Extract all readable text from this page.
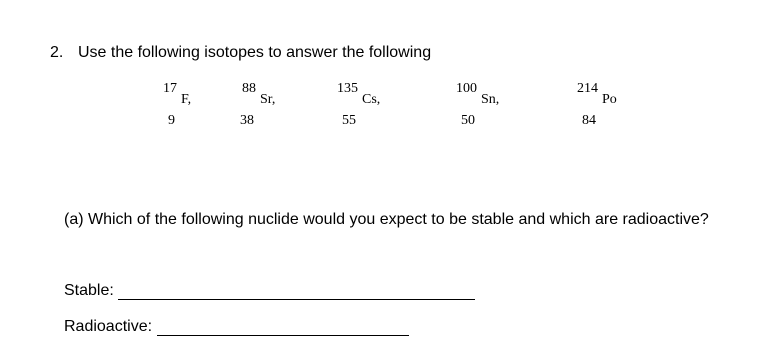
2. Use the following isotopes to answer the following
17
9
F,
88
38
Sr,
135
55
Cs,
100
50
Sn,
214
84
Po
(a) Which of the following nuclide would you expect to be stable and which are radioactive?
Stable:
Radioactive:
